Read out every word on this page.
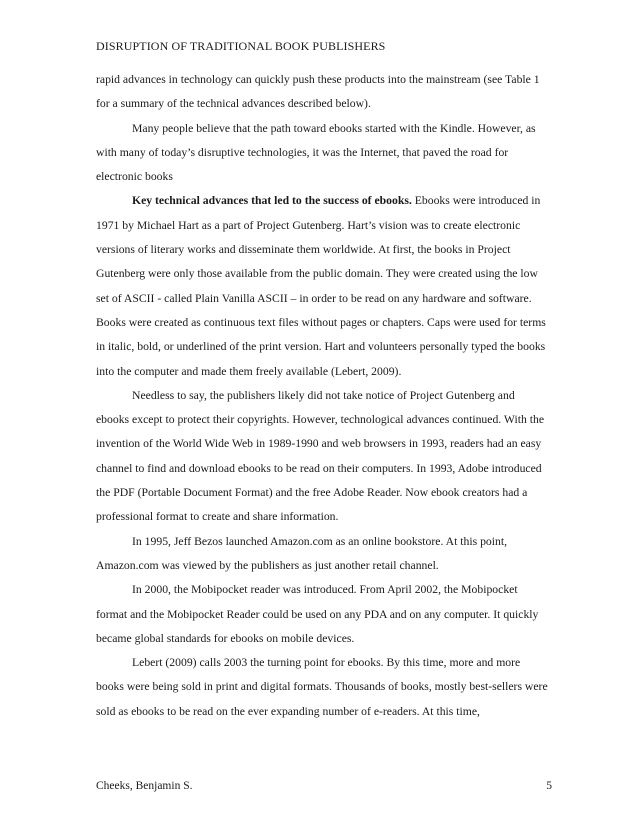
DISRUPTION OF TRADITIONAL BOOK PUBLISHERS

rapid advances in technology can quickly push these products into the mainstream (see Table 1 for a summary of the technical advances described below).

Many people believe that the path toward ebooks started with the Kindle. However, as with many of today’s disruptive technologies, it was the Internet, that paved the road for electronic books

Key technical advances that led to the success of ebooks. Ebooks were introduced in 1971 by Michael Hart as a part of Project Gutenberg. Hart’s vision was to create electronic versions of literary works and disseminate them worldwide. At first, the books in Project Gutenberg were only those available from the public domain. They were created using the low set of ASCII - called Plain Vanilla ASCII – in order to be read on any hardware and software. Books were created as continuous text files without pages or chapters. Caps were used for terms in italic, bold, or underlined of the print version. Hart and volunteers personally typed the books into the computer and made them freely available (Lebert, 2009).

Needless to say, the publishers likely did not take notice of Project Gutenberg and ebooks except to protect their copyrights. However, technological advances continued. With the invention of the World Wide Web in 1989-1990 and web browsers in 1993, readers had an easy channel to find and download ebooks to be read on their computers. In 1993, Adobe introduced the PDF (Portable Document Format) and the free Adobe Reader. Now ebook creators had a professional format to create and share information.

In 1995, Jeff Bezos launched Amazon.com as an online bookstore. At this point, Amazon.com was viewed by the publishers as just another retail channel.

In 2000, the Mobipocket reader was introduced. From April 2002, the Mobipocket format and the Mobipocket Reader could be used on any PDA and on any computer. It quickly became global standards for ebooks on mobile devices.

Lebert (2009) calls 2003 the turning point for ebooks. By this time, more and more books were being sold in print and digital formats. Thousands of books, mostly best-sellers were sold as ebooks to be read on the ever expanding number of e-readers. At this time,

Cheeks, Benjamin S.	5
